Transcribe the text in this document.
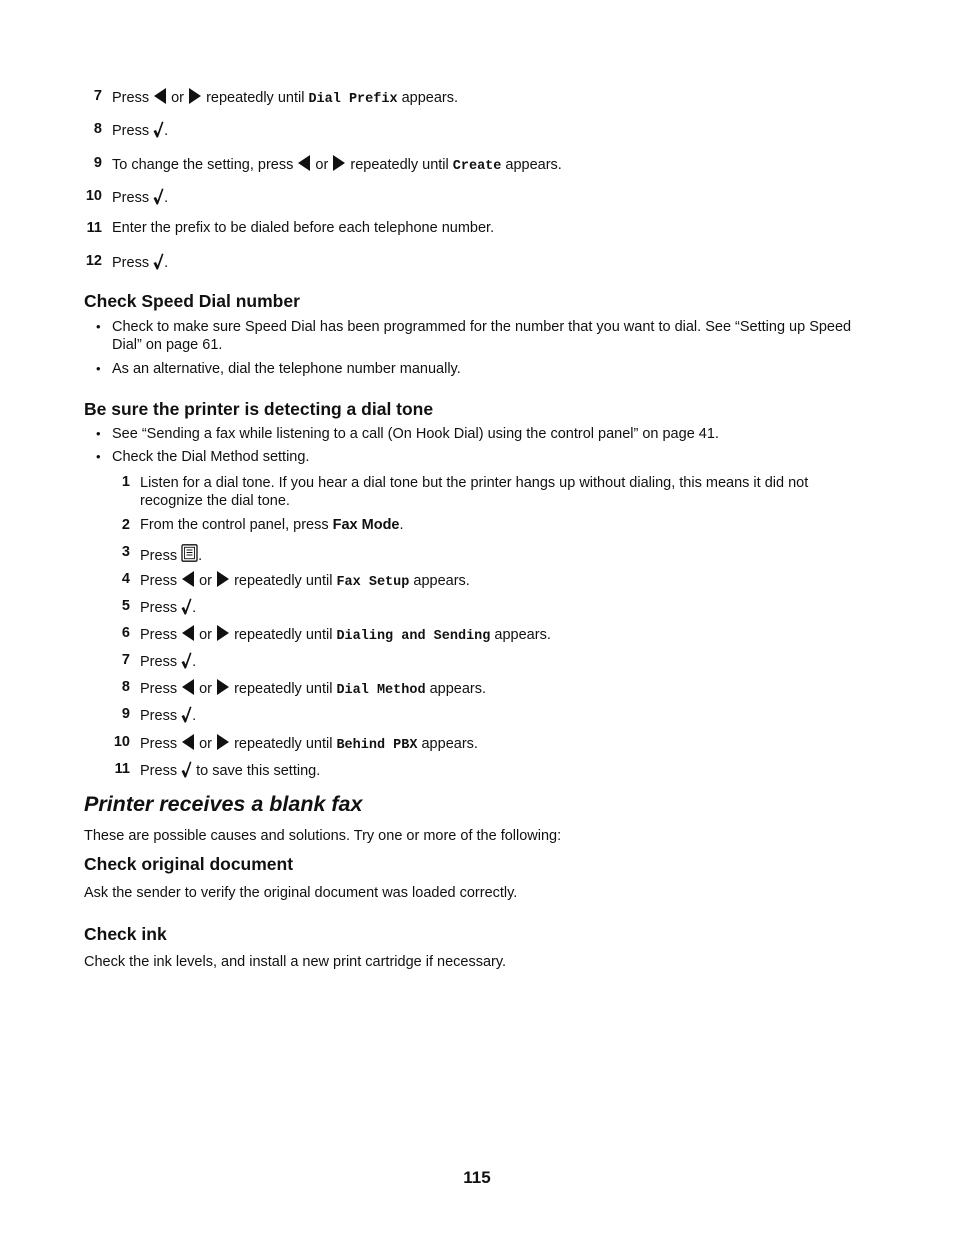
7 Press  or  repeatedly until Dial Prefix appears.
8 Press .
9 To change the setting, press  or  repeatedly until Create appears.
10 Press .
11 Enter the prefix to be dialed before each telephone number.
12 Press .
Check Speed Dial number
• Check to make sure Speed Dial has been programmed for the number that you want to dial. See “Setting up Speed Dial” on page 61.
• As an alternative, dial the telephone number manually.
Be sure the printer is detecting a dial tone
• See “Sending a fax while listening to a call (On Hook Dial) using the control panel” on page 41.
• Check the Dial Method setting.
1 Listen for a dial tone. If you hear a dial tone but the printer hangs up without dialing, this means it did not recognize the dial tone.
2 From the control panel, press Fax Mode.
3 Press .
4 Press  or  repeatedly until Fax Setup appears.
5 Press .
6 Press  or  repeatedly until Dialing and Sending appears.
7 Press .
8 Press  or  repeatedly until Dial Method appears.
9 Press .
10 Press  or  repeatedly until Behind PBX appears.
11 Press  to save this setting.
Printer receives a blank fax
These are possible causes and solutions. Try one or more of the following:
Check original document
Ask the sender to verify the original document was loaded correctly.
Check ink
Check the ink levels, and install a new print cartridge if necessary.
115
